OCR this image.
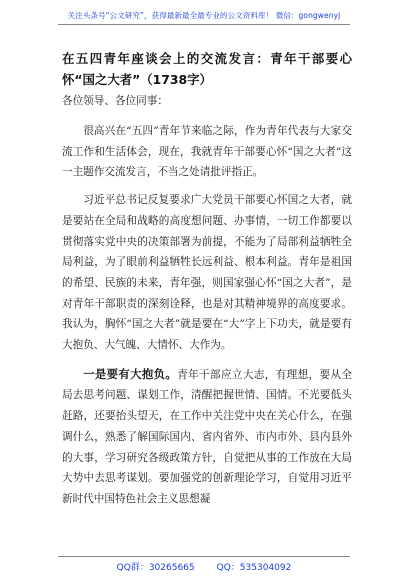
关注头条号“公文研究”，获得最新最全最专业的公文资料库！ 微信：gongwenyj
在五四青年座谈会上的交流发言：青年干部要心怀“国之大者”（1738字）
各位领导、各位同事：

很高兴在“五四”青年节来临之际，作为青年代表与大家交流工作和生活体会，现在，我就青年干部要心怀“国之大者”这一主题作交流发言，不当之处请批评指正。

习近平总书记反复要求广大党员干部要心怀国之大者，就是要站在全局和战略的高度想问题、办事情，一切工作都要以贯彻落实党中央的决策部署为前提，不能为了局部利益牺牲全局利益，为了眼前利益牺牲长远利益、根本利益。青年是祖国的希望、民族的未来，青年强，则国家强心怀“国之大者”，是对青年干部职责的深刻诠释，也是对其精神境界的高度要求。我认为，胸怀“国之大者”就是要在“大”字上下功夫，就是要有大抱负、大气魄、大情怀、大作为。

一是要有大抱负。青年干部应立大志，有理想，要从全局去思考问题、谋划工作，清醒把握世情、国情。不光要低头赶路，还要抬头望天，在工作中关注党中央在关心什么，在强调什么，熟悉了解国际国内、省内省外、市内市外、县内县外的大事，学习研究各级政策方针，自觉把从事的工作放在大局大势中去思考谋划。要加强党的创新理论学习，自觉用习近平新时代中国特色社会主义思想凝

QQ群：30265665 QQ：535304092
